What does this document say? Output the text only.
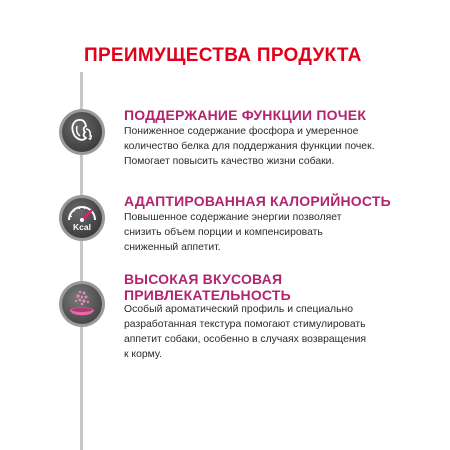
ПРЕИМУЩЕСТВА ПРОДУКТА
ПОДДЕРЖАНИЕ ФУНКЦИИ ПОЧЕК
Пониженное содержание фосфора и умеренное
количество белка для поддержания функции почек.
Помогает повысить качество жизни собаки.
Kcal
АДАПТИРОВАННАЯ КАЛОРИЙНОСТЬ
Повышенное содержание энергии позволяет
снизить объем порции и компенсировать
сниженный аппетит.
ВЫСОКАЯ ВКУСОВАЯ
ПРИВЛЕКАТЕЛЬНОСТЬ
Особый ароматический профиль и специально
разработанная текстура помогают стимулировать
аппетит собаки, особенно в случаях возвращения
к корму.
